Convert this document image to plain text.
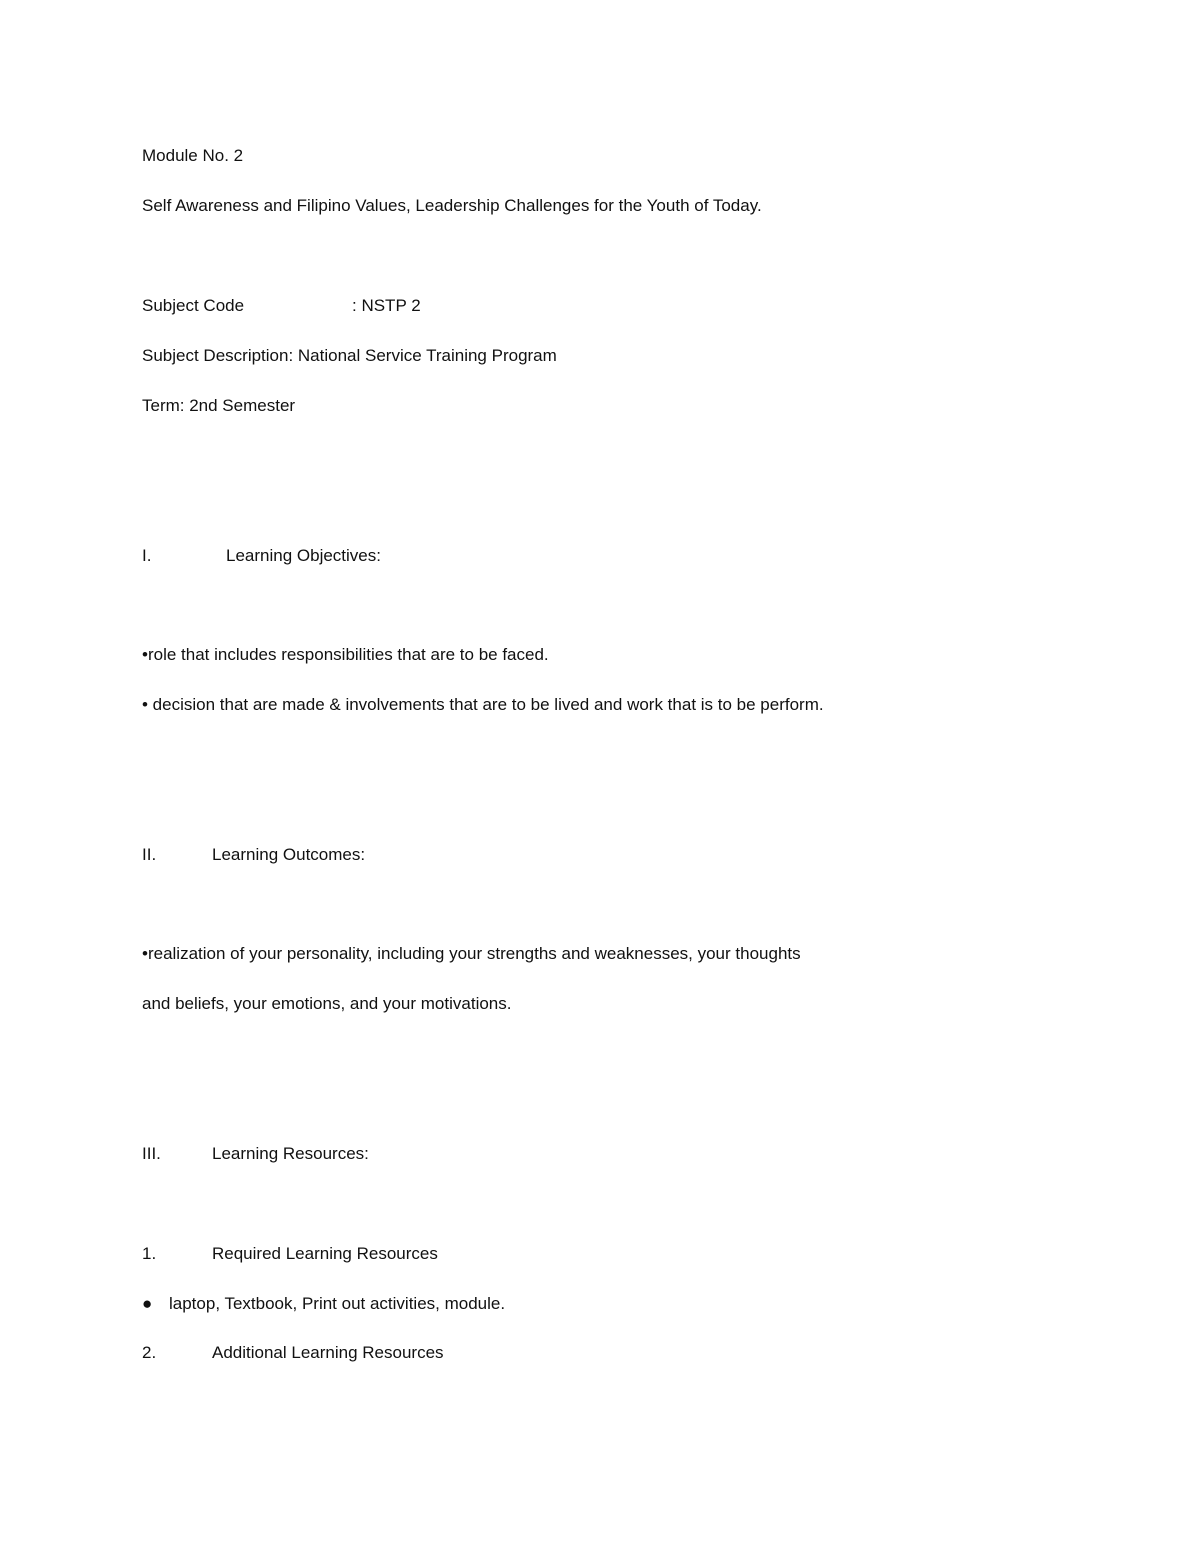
Module No. 2
Self Awareness and Filipino Values, Leadership Challenges for the Youth of Today.
Subject Code	: NSTP 2
Subject Description: National Service Training Program
Term: 2nd Semester
I.	Learning Objectives:
•role that includes responsibilities that are to be faced.
• decision that are made & involvements that are to be lived and work that is to be perform.
II.	Learning Outcomes:
•realization of your personality, including your strengths and weaknesses, your thoughts
and beliefs, your emotions, and your motivations.
III.	Learning Resources:
1.	Required Learning Resources
● laptop, Textbook, Print out activities, module.
2.	Additional Learning Resources
